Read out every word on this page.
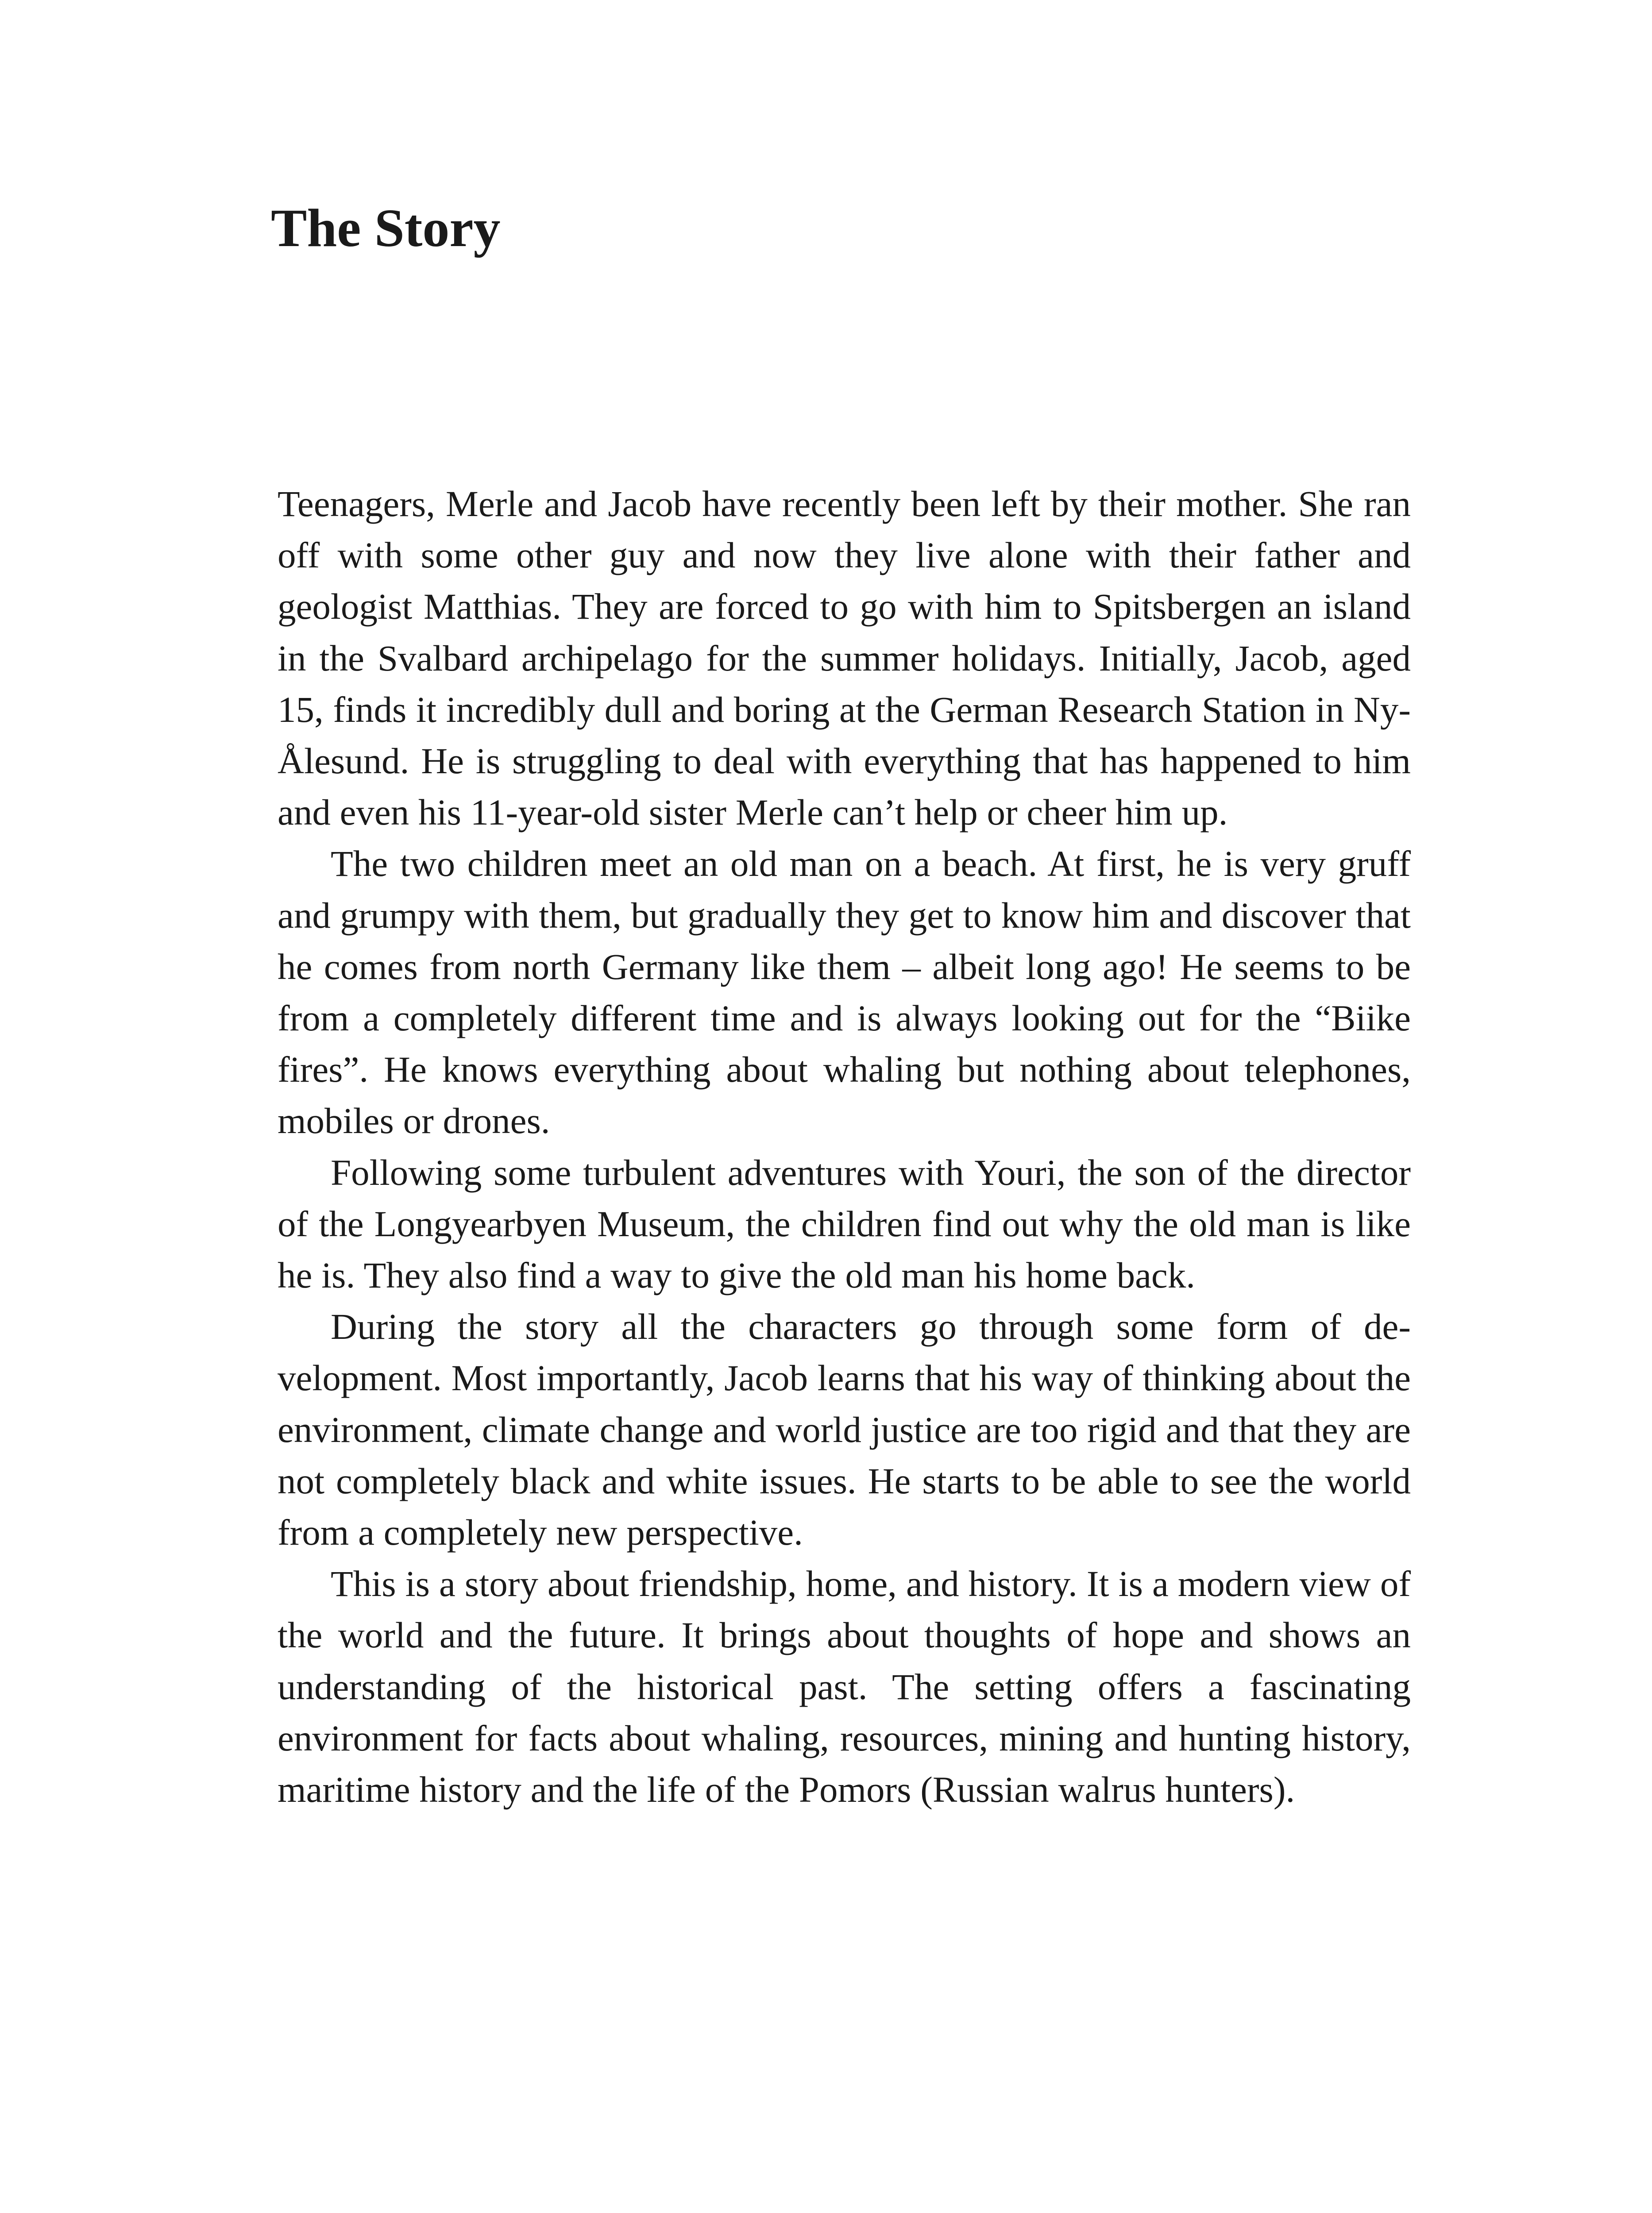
The Story

Teenagers, Merle and Jacob have recently been left by their mother. She ran off with some other guy and now they live alone with their father and geologist Matthias. They are forced to go with him to Spitsbergen an island in the Svalbard archipelago for the summer holidays. Initially, Jacob, aged 15, finds it incredibly dull and boring at the German Research Station in Ny-Ålesund. He is struggling to deal with everything that has happened to him and even his 11-year-old sister Merle can’t help or cheer him up.

The two children meet an old man on a beach. At first, he is very gruff and grumpy with them, but gradually they get to know him and discover that he comes from north Germany like them – albeit long ago! He seems to be from a completely different time and is always looking out for the “Biike fires”. He knows everything about whaling but nothing about telephones, mobiles or drones.

Following some turbulent adventures with Youri, the son of the director of the Longyearbyen Museum, the children find out why the old man is like he is. They also find a way to give the old man his home back.

During the story all the characters go through some form of development. Most importantly, Jacob learns that his way of thinking about the environment, climate change and world justice are too rigid and that they are not completely black and white issues. He starts to be able to see the world from a completely new perspective.

This is a story about friendship, home, and history. It is a modern view of the world and the future. It brings about thoughts of hope and shows an understanding of the historical past. The setting offers a fascinating environment for facts about whaling, resources, mining and hunting history, maritime history and the life of the Pomors (Russian walrus hunters).
